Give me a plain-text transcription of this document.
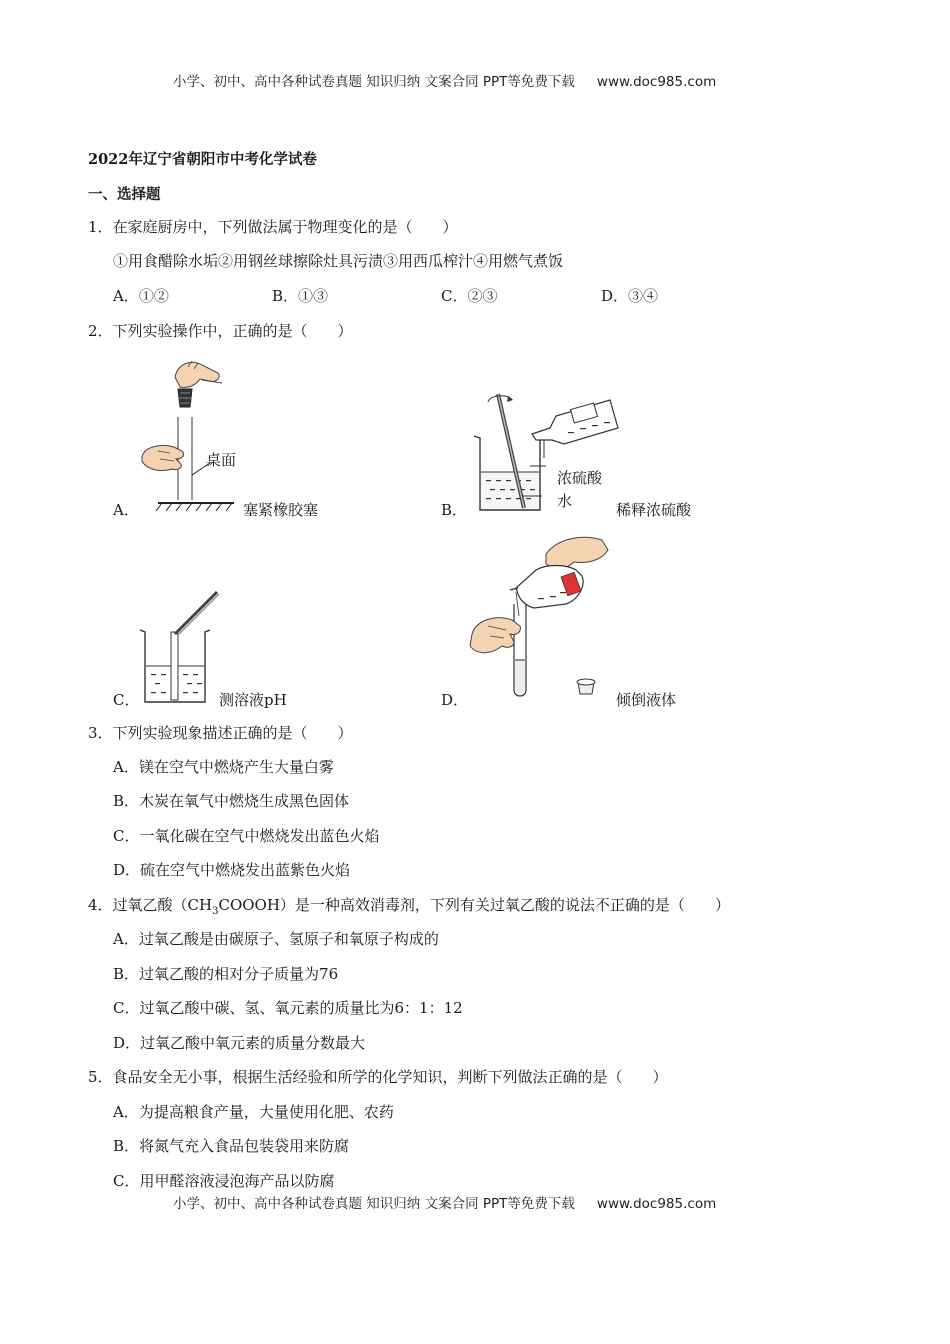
小学、初中、高中各种试卷真题 知识归纳 文案合同 PPT等免费下载 www.doc985.com
2022年辽宁省朝阳市中考化学试卷
一、选择题
1．在家庭厨房中，下列做法属于物理变化的是（　　）
①用食醋除水垢②用钢丝球擦除灶具污渍③用西瓜榨汁④用燃气煮饭
A．①②	B．①③	C．②③	D．③④
2．下列实验操作中，正确的是（　　）
桌面
A．	塞紧橡胶塞
浓硫酸
水
B．	稀释浓硫酸
C．	测溶液pH	D．	倾倒液体
3．下列实验现象描述正确的是（　　）
A．镁在空气中燃烧产生大量白雾
B．木炭在氧气中燃烧生成黑色固体
C．一氧化碳在空气中燃烧发出蓝色火焰
D．硫在空气中燃烧发出蓝紫色火焰
4．过氧乙酸$(CH_3COOOH)$是一种高效消毒剂，下列有关过氧乙酸的说法不正确的是（　　）
A．过氧乙酸是由碳原子、氢原子和氧原子构成的
B．过氧乙酸的相对分子质量为76
C．过氧乙酸中碳、氢、氧元素的质量比为6：1：12
D．过氧乙酸中氧元素的质量分数最大
5．食品安全无小事，根据生活经验和所学的化学知识，判断下列做法正确的是（　　）
A．为提高粮食产量，大量使用化肥、农药
B．将氮气充入食品包装袋用来防腐
C．用甲醛溶液浸泡海产品以防腐
小学、初中、高中各种试卷真题 知识归纳 文案合同 PPT等免费下载 www.doc985.com
